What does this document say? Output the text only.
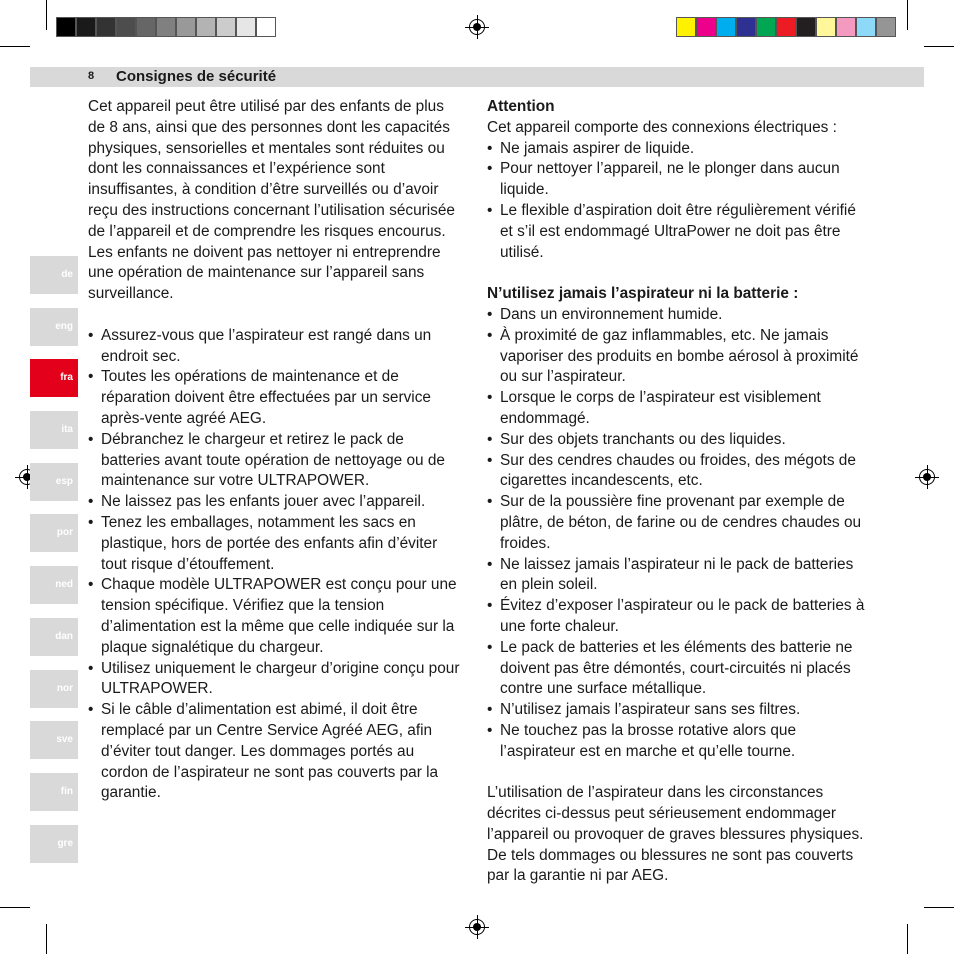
8 Consignes de sécurité
de
eng
fra
ita
esp
por
ned
dan
nor
sve
fin
gre

Cet appareil peut être utilisé par des enfants de plus de 8 ans, ainsi que des personnes dont les capacités physiques, sensorielles et mentales sont réduites ou dont les connaissances et l’expérience sont insuffisantes, à condition d’être surveillés ou d’avoir reçu des instructions concernant l’utilisation sécurisée de l’appareil et de comprendre les risques encourus. Les enfants ne doivent pas nettoyer ni entreprendre une opération de maintenance sur l’appareil sans surveillance.

• Assurez-vous que l’aspirateur est rangé dans un endroit sec.
• Toutes les opérations de maintenance et de réparation doivent être effectuées par un service après-vente agréé AEG.
• Débranchez le chargeur et retirez le pack de batteries avant toute opération de nettoyage ou de maintenance sur votre ULTRAPOWER.
• Ne laissez pas les enfants jouer avec l’appareil.
• Tenez les emballages, notamment les sacs en plastique, hors de portée des enfants afin d’éviter tout risque d’étouffement.
• Chaque modèle ULTRAPOWER est conçu pour une tension spécifique. Vérifiez que la tension d’alimentation est la même que celle indiquée sur la plaque signalétique du chargeur.
• Utilisez uniquement le chargeur d’origine conçu pour ULTRAPOWER.
• Si le câble d’alimentation est abimé, il doit être remplacé par un Centre Service Agréé AEG, afin d’éviter tout danger. Les dommages portés au cordon de l’aspirateur ne sont pas couverts par la garantie.

Attention

Cet appareil comporte des connexions électriques :

• Ne jamais aspirer de liquide.
• Pour nettoyer l’appareil, ne le plonger dans aucun liquide.
• Le flexible d’aspiration doit être régulièrement vérifié et s’il est endommagé UltraPower ne doit pas être utilisé.

N’utilisez jamais l’aspirateur ni la batterie :

• Dans un environnement humide.
• À proximité de gaz inflammables, etc. Ne jamais vaporiser des produits en bombe aérosol à proximité ou sur l’aspirateur.
• Lorsque le corps de l’aspirateur est visiblement endommagé.
• Sur des objets tranchants ou des liquides.
• Sur des cendres chaudes ou froides, des mégots de cigarettes incandescents, etc.
• Sur de la poussière fine provenant par exemple de plâtre, de béton, de farine ou de cendres chaudes ou froides.
• Ne laissez jamais l’aspirateur ni le pack de batteries en plein soleil.
• Évitez d’exposer l’aspirateur ou le pack de batteries à une forte chaleur.
• Le pack de batteries et les éléments des batterie ne doivent pas être démontés, court-circuités ni placés contre une surface métallique.
• N’utilisez jamais l’aspirateur sans ses filtres.
• Ne touchez pas la brosse rotative alors que l’aspirateur est en marche et qu’elle tourne.

L’utilisation de l’aspirateur dans les circonstances décrites ci-dessus peut sérieusement endommager l’appareil ou provoquer de graves blessures physiques. De tels dommages ou blessures ne sont pas couverts par la garantie ni par AEG.
